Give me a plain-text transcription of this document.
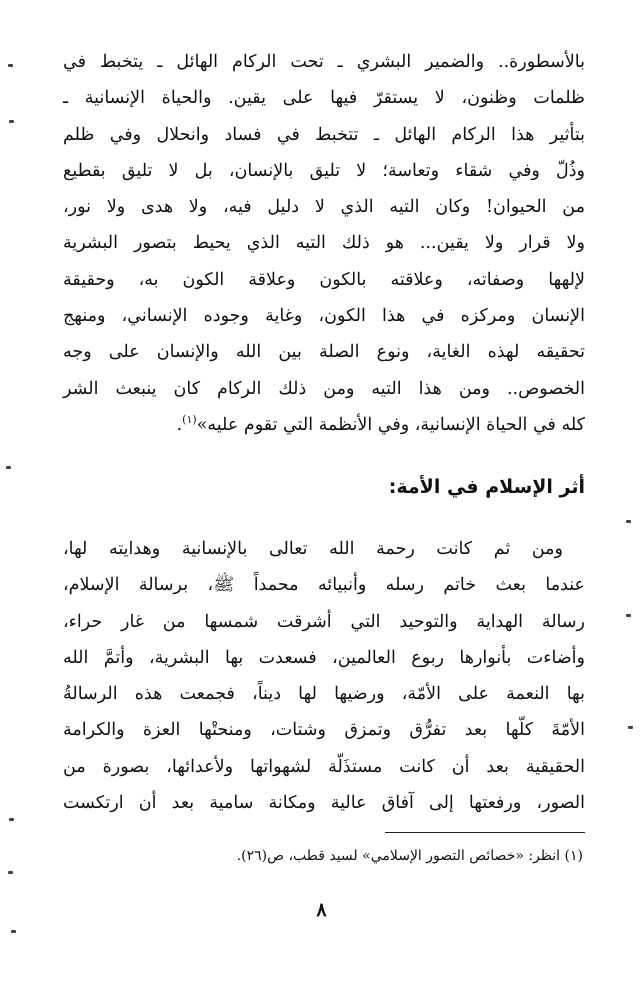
بالأسطورة.. والضمير البشري ـ تحت الركام الهائل ـ يتخبط في
ظلمات وظنون، لا يستقرّ فيها على يقين. والحياة الإنسانية ـ
بتأثير هذا الركام الهائل ـ تتخبط في فساد وانحلال وفي ظلم
وذُلّ وفي شقاء وتعاسة؛ لا تليق بالإنسان، بل لا تليق بقطيع
من الحيوان! وكان التيه الذي لا دليل فيه، ولا هدى ولا نور،
ولا قرار ولا يقين... هو ذلك التيه الذي يحيط بتصور البشرية
لإلهها وصفاته، وعلاقته بالكون وعلاقة الكون به، وحقيقة
الإنسان ومركزه في هذا الكون، وغاية وجوده الإنساني، ومنهج
تحقيقه لهذه الغاية، ونوع الصلة بين الله والإنسان على وجه
الخصوص.. ومن هذا التيه ومن ذلك الركام كان ينبعث الشر
كله في الحياة الإنسانية، وفي الأنظمة التي تقوم عليه»$^{(١)}$.
أثر الإسلام في الأمة:
ومن ثم كانت رحمة الله تعالى بالإنسانية وهدايته لها،
عندما بعث خاتم رسله وأنبيائه محمداً ﷺ، برسالة الإسلام،
رسالة الهداية والتوحيد التي أشرقت شمسها من غار حراء،
وأضاءت بأنوارها ربوع العالمين، فسعدت بها البشرية، وأتمَّ الله
بها النعمة على الأمّة، ورضيها لها ديناً، فجمعت هذه الرسالةُ
الأمّةَ كلّها بعد تفرُّق وتمزق وشتات، ومنحتْها العزة والكرامة
الحقيقية بعد أن كانت مستذَلّة لشهواتها ولأعدائها، بصورة من
الصور، ورفعتها إلى آفاق عالية ومكانة سامية بعد أن ارتكست
(١) انظر: «خصائص التصور الإسلامي» لسيد قطب، ص(٢٦).
٨
